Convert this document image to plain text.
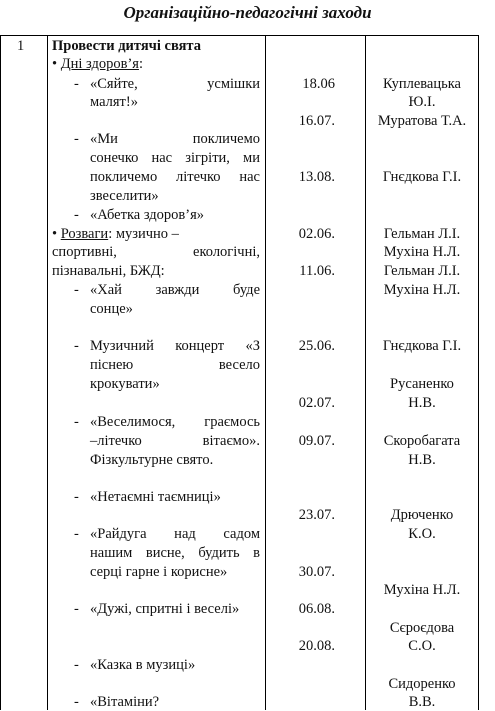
Організаційно-педагогічні заходи
1 Провести дитячі свята
• Дні здоров’я:
- «Сяйте, усмішки
малят!»
- «Ми покличемо
сонечко нас зігріти, ми
покличемо літечко нас
звеселити»
- «Абетка здоров’я»
• Розваги: музично –
спортивні, екологічні,
пізнавальні, БЖД:
- «Хай завжди буде
сонце»
- Музичний концерт «З
піснею весело
крокувати»
- «Веселимося, граємось
–літечко вітаємо».
Фізкультурне свято.
- «Нетаємні таємниці»
- «Райдуга над садом
нашим висне, будить в
серці гарне і корисне»
- «Дужі, спритні і веселі»
- «Казка в музиці»
- «Вітаміни?
18.06
16.07.
13.08.
02.06.
11.06.
25.06.
02.07.
09.07.
23.07.
30.07.
06.08.
20.08.
Куплевацька
Ю.І.
Муратова Т.А.
Гнєдкова Г.І.
Гельман Л.І.
Мухіна Н.Л.
Гельман Л.І.
Мухіна Н.Л.
Гнєдкова Г.І.
Русаненко
Н.В.
Скоробагата
Н.В.
Дрюченко
К.О.
Мухіна Н.Л.
Сєроєдова
С.О.
Сидоренко
В.В.
